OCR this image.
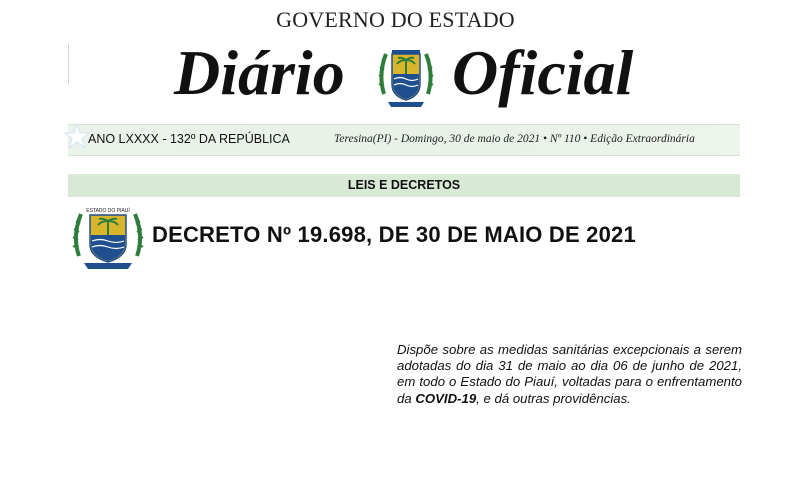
GOVERNO DO ESTADO
Diário Oficial
ANO LXXXX - 132º DA REPÚBLICA	Teresina(PI) - Domingo, 30 de maio de 2021 • Nº 110 • Edição Extraordinária
LEIS E DECRETOS
ESTADO DO PIAUÍ
DECRETO Nº 19.698, DE 30 DE MAIO DE 2021
Dispõe sobre as medidas sanitárias excepcionais a serem adotadas do dia 31 de maio ao dia 06 de junho de 2021, em todo o Estado do Piauí, voltadas para o enfrentamento da COVID-19, e dá outras providências.
